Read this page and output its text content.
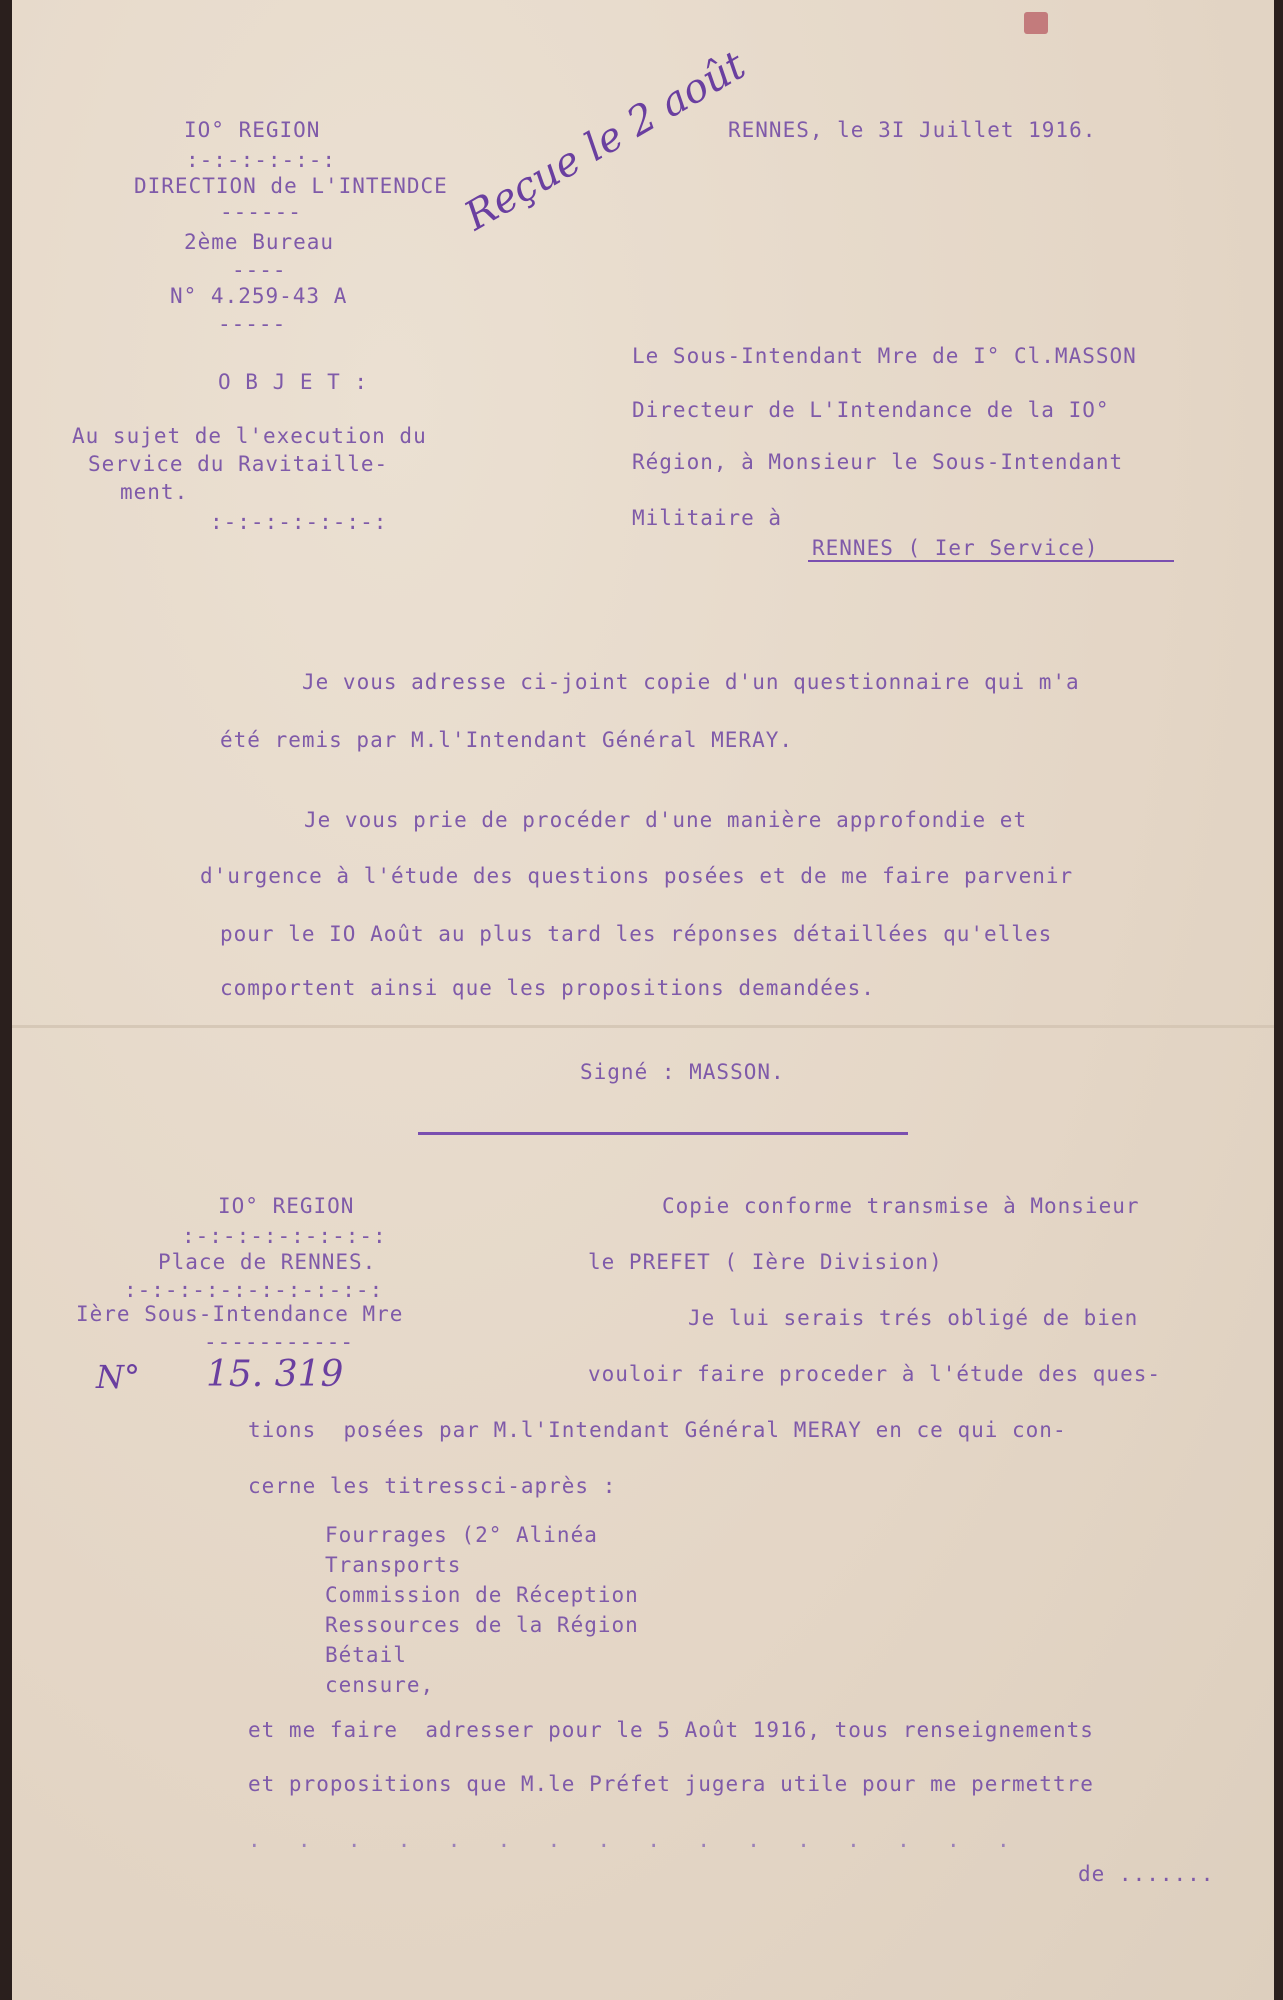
IO° REGION
:-:-:-:-:-:
DIRECTION de L'INTENDCE
------
2ème Bureau
----
N° 4.259-43 A
-----
RENNES, le 3I Juillet 1916.
Reçue le 2 août
O B J E T :
Au sujet de l'execution du
Service du Ravitaille-
ment.
:-:-:-:-:-:-:
Le Sous-Intendant Mre de I° Cl.MASSON
Directeur de L'Intendance de la IO°
Région, à Monsieur le Sous-Intendant
Militaire à
RENNES ( Ier Service)
Je vous adresse ci-joint copie d'un questionnaire qui m'a
été remis par M.l'Intendant Général MERAY.
Je vous prie de procéder d'une manière approfondie et
d'urgence à l'étude des questions posées et de me faire parvenir
pour le IO Août au plus tard les réponses détaillées qu'elles
comportent ainsi que les propositions demandées.
Signé : MASSON.
IO° REGION
:-:-:-:-:-:-:-:
Place de RENNES.
:-:-:-:-:-:-:-:-:-:
Ière Sous-Intendance Mre
-----------
N° 15. 319
Copie conforme transmise à Monsieur
le PREFET ( Ière Division)
Je lui serais trés obligé de bien
vouloir faire proceder à l'étude des ques-
tions  posées par M.l'Intendant Général MERAY en ce qui con-
cerne les titressci-après :
Fourrages (2° Alinéa
Transports
Commission de Réception
Ressources de la Région
Bétail
censure,
et me faire  adresser pour le 5 Août 1916, tous renseignements
et propositions que M.le Préfet jugera utile pour me permettre
.  .  .  .  .  .  .  .  .  .  .  .  .  .  .  .
de .......
